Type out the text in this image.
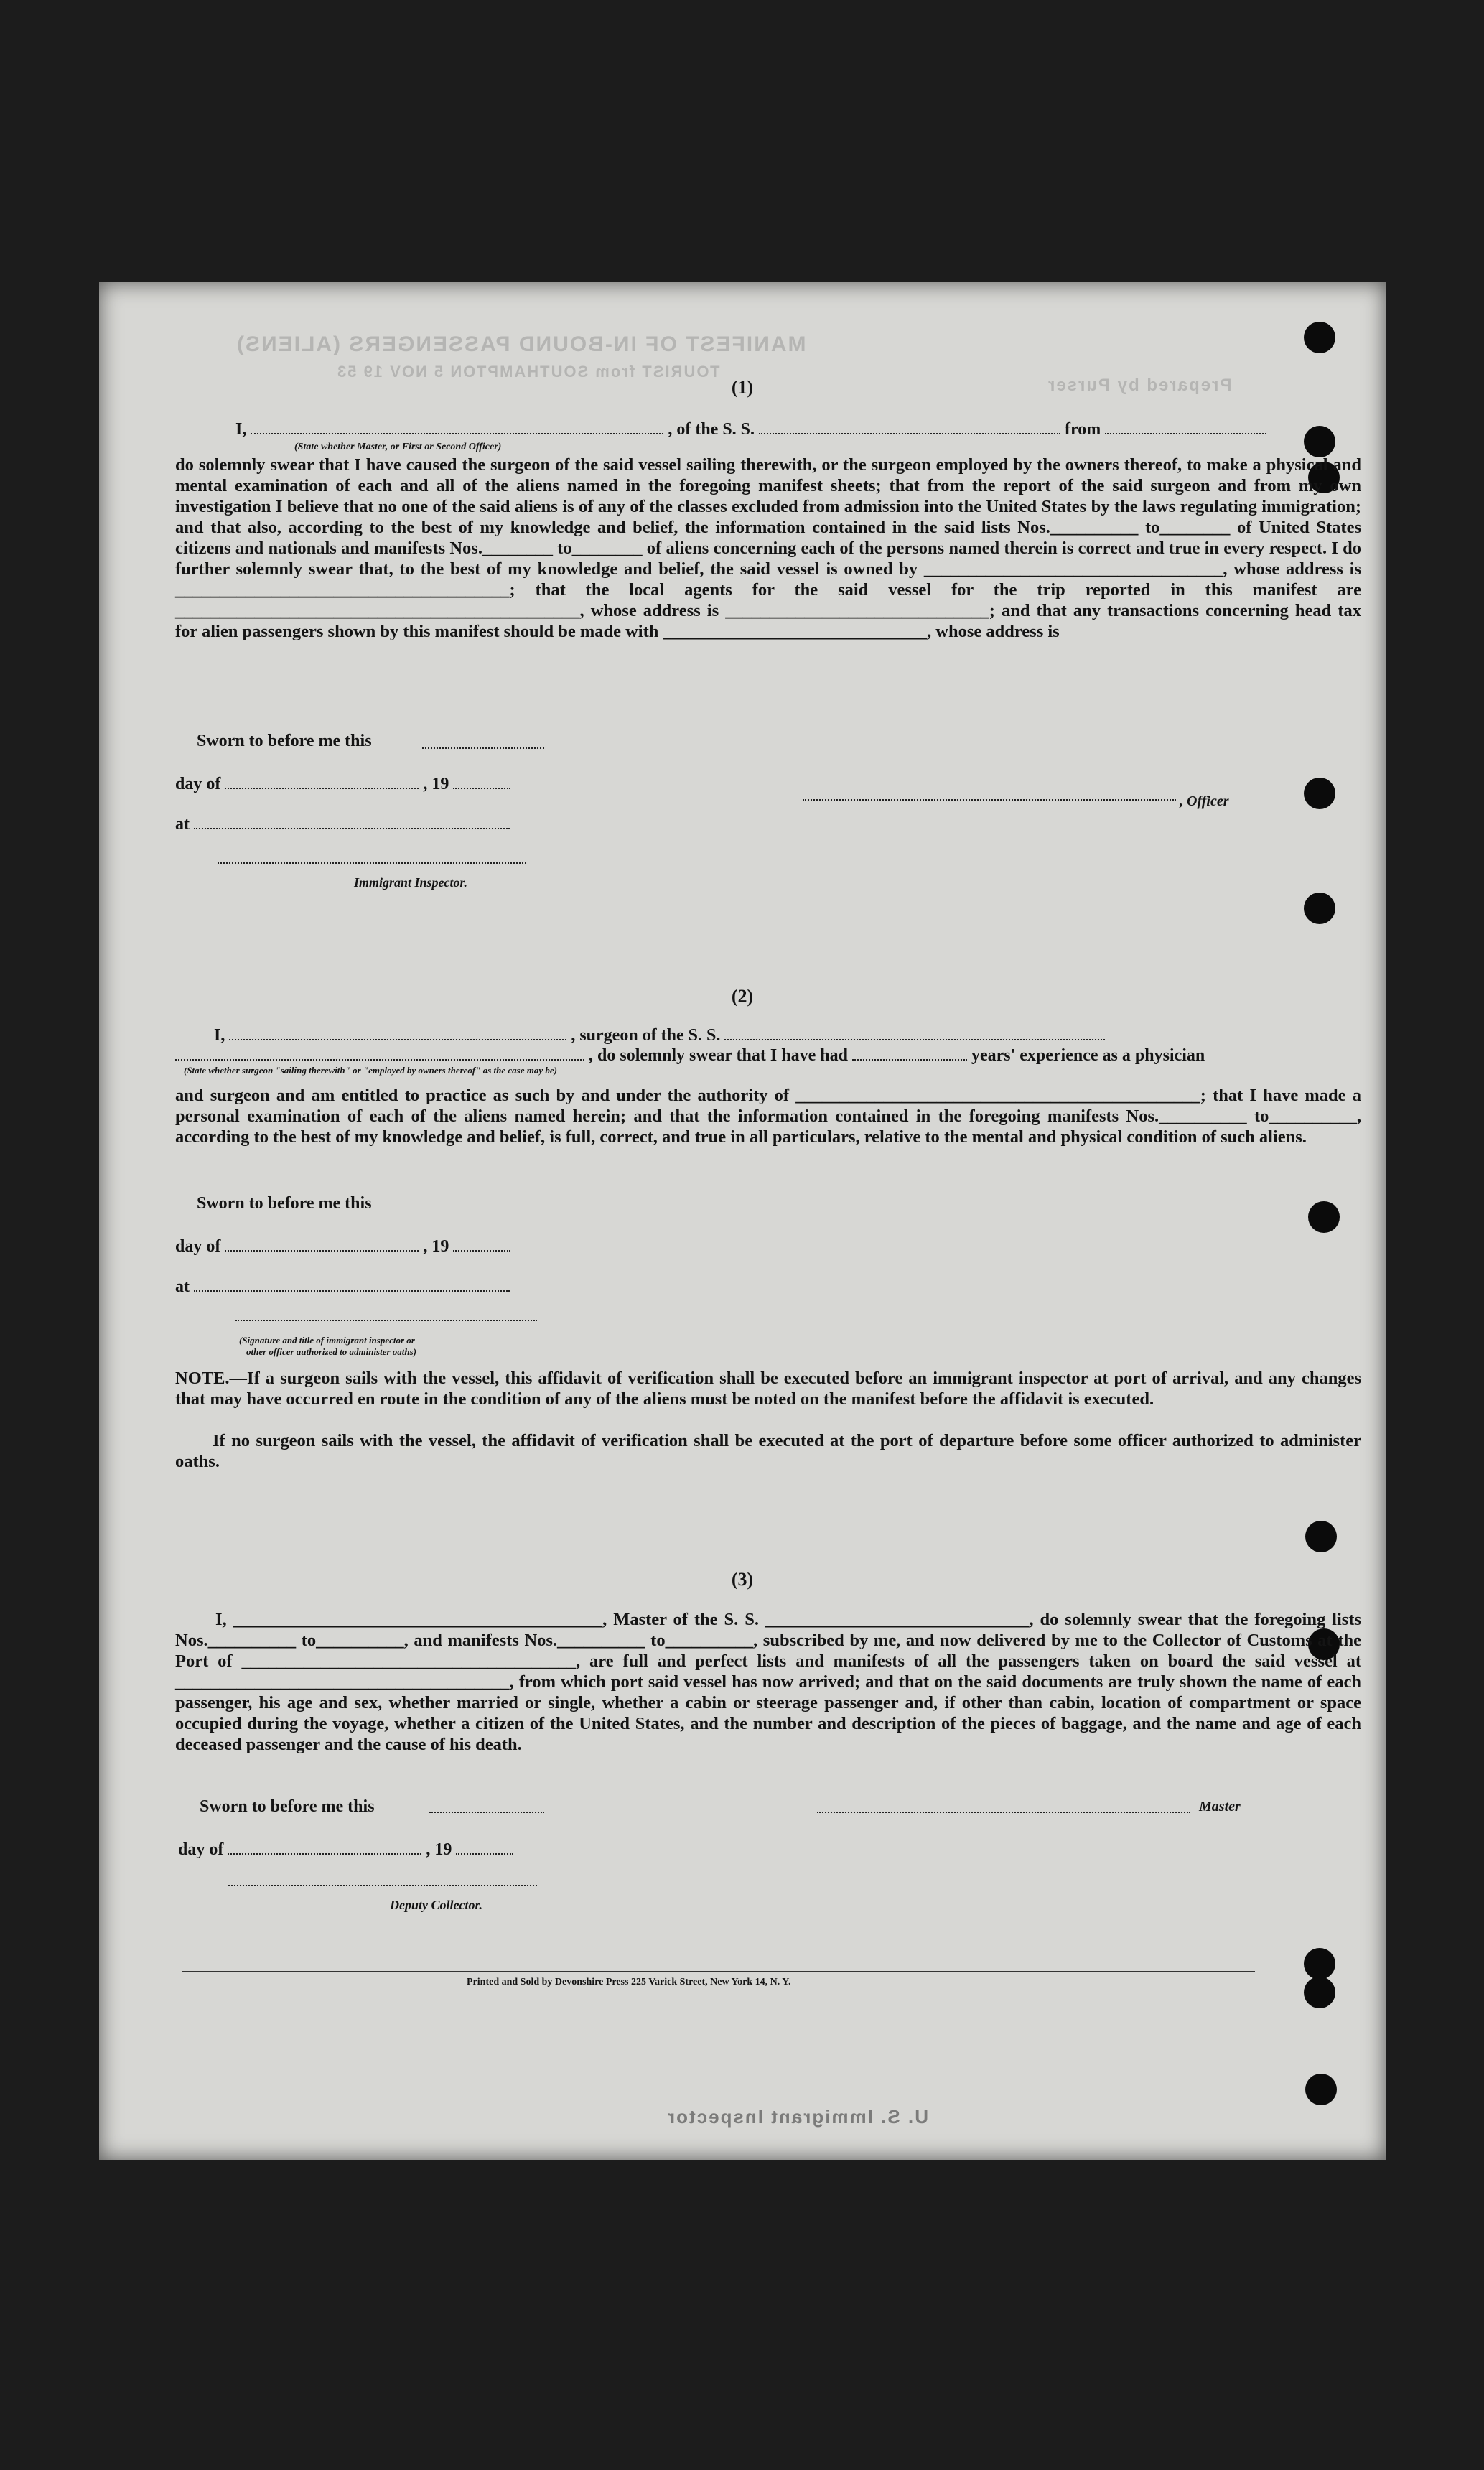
MANIFEST OF IN-BOUND PASSENGERS (ALIENS)
TOURIST from SOUTHAMPTON 5 NOV 19 53
Prepared by Purser
U. S. Immigrant Inspector
(1)
I,	, of the S. S.	from
(State whether Master, or First or Second Officer)
do solemnly swear that I have caused the surgeon of the said vessel sailing therewith, or the surgeon employed by the owners thereof, to make a physical and mental examination of each and all of the aliens named in the foregoing manifest sheets; that from the report of the said surgeon and from my own investigation I believe that no one of the said aliens is of any of the classes excluded from admission into the United States by the laws regulating immigration; and that also, according to the best of my knowledge and belief, the information contained in the said lists Nos.__________ to________ of United States citizens and nationals and manifests Nos.________ to________ of aliens concerning each of the persons named therein is correct and true in every respect. I do further solemnly swear that, to the best of my knowledge and belief, the said vessel is owned by __________________________________, whose address is ______________________________________; that the local agents for the said vessel for the trip reported in this manifest are ______________________________________________, whose address is ______________________________; and that any transactions concerning head tax for alien passengers shown by this manifest should be made with ______________________________, whose address is
Sworn to before me this
day of	, 19
at
, Officer
Immigrant Inspector.
(2)
I,	, surgeon of the S. S.
, do solemnly swear that I have had	years' experience as a physician
(State whether surgeon "sailing therewith" or "employed by owners thereof" as the case may be)
and surgeon and am entitled to practice as such by and under the authority of ______________________________________________; that I have made a personal examination of each of the aliens named herein; and that the information contained in the foregoing manifests Nos.__________ to__________, according to the best of my knowledge and belief, is full, correct, and true in all particulars, relative to the mental and physical condition of such aliens.
Sworn to before me this
day of	, 19
at
(Signature and title of immigrant inspector or
other officer authorized to administer oaths)
NOTE.—If a surgeon sails with the vessel, this affidavit of verification shall be executed before an immigrant inspector at port of arrival, and any changes that may have occurred en route in the condition of any of the aliens must be noted on the manifest before the affidavit is executed.
If no surgeon sails with the vessel, the affidavit of verification shall be executed at the port of departure before some officer authorized to administer oaths.
(3)
I, __________________________________________, Master of the S. S. ______________________________, do solemnly swear that the foregoing lists Nos.__________ to__________, and manifests Nos.__________ to__________, subscribed by me, and now delivered by me to the Collector of Customs at the Port of ______________________________________, are full and perfect lists and manifests of all the passengers taken on board the said vessel at ______________________________________, from which port said vessel has now arrived; and that on the said documents are truly shown the name of each passenger, his age and sex, whether married or single, whether a cabin or steerage passenger and, if other than cabin, location of compartment or space occupied during the voyage, whether a citizen of the United States, and the number and description of the pieces of baggage, and the name and age of each deceased passenger and the cause of his death.
Sworn to before me this
day of	, 19
Master
Deputy Collector.
Printed and Sold by Devonshire Press 225 Varick Street, New York 14, N. Y.
